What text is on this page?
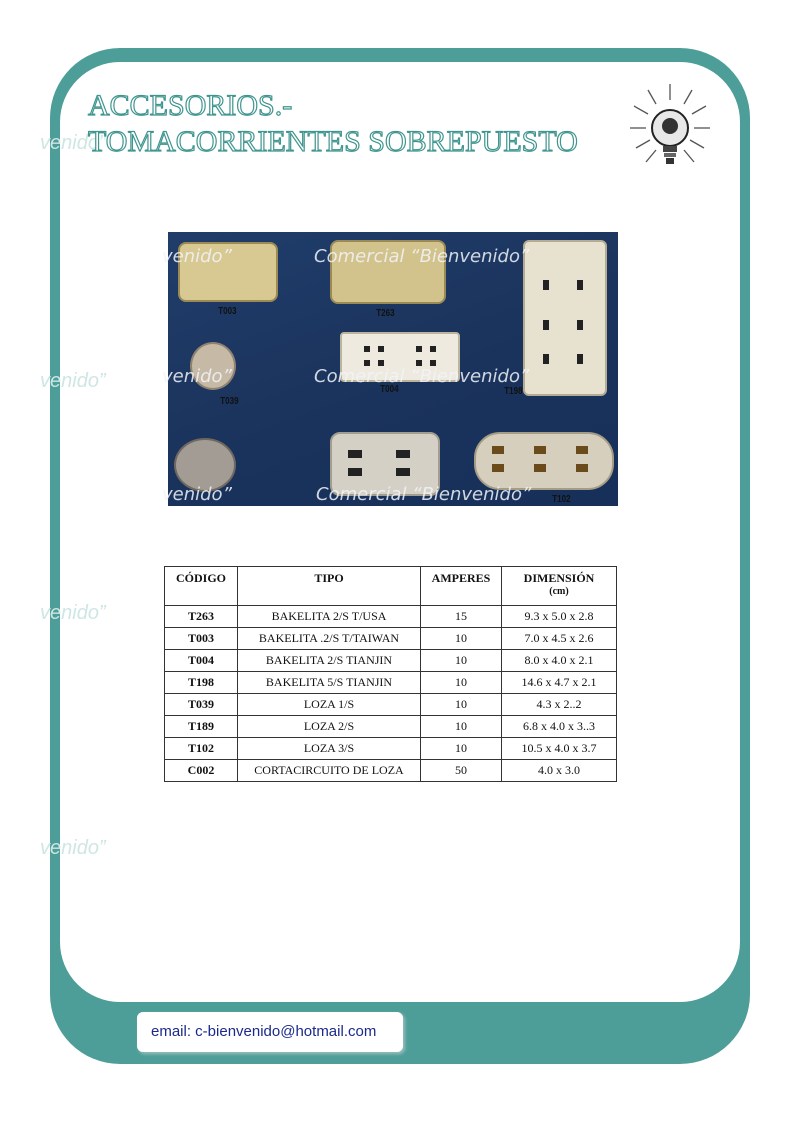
venido”
venido”
venido”
venido”
ACCESORIOS.-
TOMACORRIENTES SOBREPUESTO
T003	T263
T198
T039
T004
T102
venido”	Comercial “Bienvenido”
venido”	Comercial “Bienvenido”
venido”	Comercial “Bienvenido”
CÓDIGO	TIPO	AMPERES	DIMENSIÓN
(cm)

T263	BAKELITA 2/S T/USA	15	9.3 x 5.0 x 2.8
T003	BAKELITA .2/S T/TAIWAN	10	7.0 x 4.5 x 2.6
T004	BAKELITA 2/S TIANJIN	10	8.0 x 4.0 x 2.1
T198	BAKELITA 5/S TIANJIN	10	14.6 x 4.7 x 2.1
T039	LOZA 1/S	10	4.3 x 2..2
T189	LOZA 2/S	10	6.8 x 4.0 x 3..3
T102	LOZA 3/S	10	10.5 x 4.0 x 3.7
C002	CORTACIRCUITO DE LOZA	50	4.0 x 3.0
email: c-bienvenido@hotmail.com
